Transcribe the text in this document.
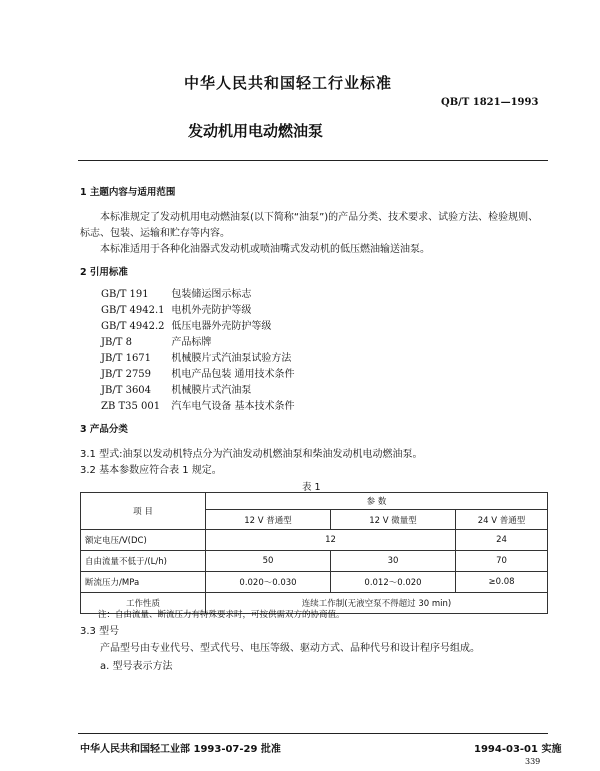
中华人民共和国轻工行业标准
QB/T 1821—1993
发动机用电动燃油泵
1 主题内容与适用范围
本标准规定了发动机用电动燃油泵(以下简称“油泵”)的产品分类、技术要求、试验方法、检验规则、
标志、包装、运输和贮存等内容。
本标准适用于各种化油器式发动机或喷油嘴式发动机的低压燃油输送油泵。
2 引用标准
GB/T 191 包装储运图示标志
GB/T 4942.1 电机外壳防护等级
GB/T 4942.2 低压电器外壳防护等级
JB/T 8	产品标牌
JB/T 1671 机械膜片式汽油泵试验方法
JB/T 2759 机电产品包装 通用技术条件
JB/T 3604 机械膜片式汽油泵
ZB T35 001 汽车电气设备 基本技术条件
3 产品分类
3.1 型式:油泵以发动机特点分为汽油发动机燃油泵和柴油发动机电动燃油泵。
3.2 基本参数应符合表 1 规定。
表 1
项 目	参 数		
	12 V 普通型	12 V 微量型	24 V 普通型
额定电压/V(DC)	12		24
自由流量不低于/(L/h)	50	30	70
断流压力/MPa	0.020～0.030	0.012～0.020	≥0.08
工作性质	连续工作制(无液空泵不得超过 30 min)		
注：自由流量、断流压力有特殊要求时，可按供需双方的协商值。
3.3 型号
产品型号由专业代号、型式代号、电压等级、驱动方式、品种代号和设计程序号组成。
a. 型号表示方法
中华人民共和国轻工业部 1993-07-29 批准	1994-03-01 实施
339
